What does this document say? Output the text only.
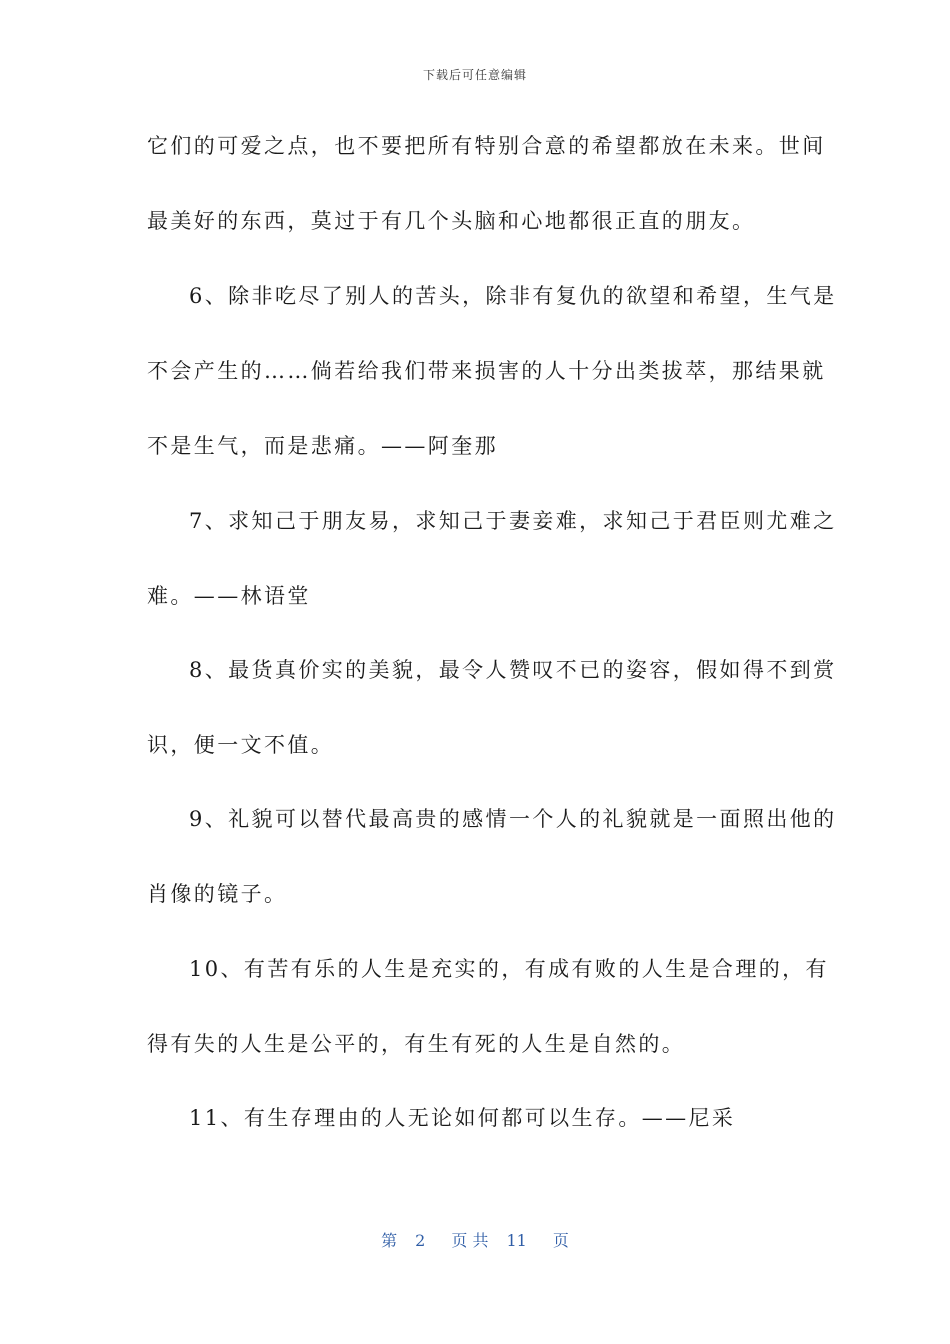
下载后可任意编辑
它们的可爱之点，也不要把所有特别合意的希望都放在未来。世间
最美好的东西，莫过于有几个头脑和心地都很正直的朋友。
6、除非吃尽了别人的苦头，除非有复仇的欲望和希望，生气是
不会产生的……倘若给我们带来损害的人十分出类拔萃，那结果就
不是生气，而是悲痛。——阿奎那
7、求知己于朋友易，求知己于妻妾难，求知己于君臣则尤难之
难。——林语堂
8、最货真价实的美貌，最令人赞叹不已的姿容，假如得不到赏
识，便一文不值。
9、礼貌可以替代最高贵的感情一个人的礼貌就是一面照出他的
肖像的镜子。
10、有苦有乐的人生是充实的，有成有败的人生是合理的，有
得有失的人生是公平的，有生有死的人生是自然的。
11、有生存理由的人无论如何都可以生存。——尼采
第 2 页 共 11 页
